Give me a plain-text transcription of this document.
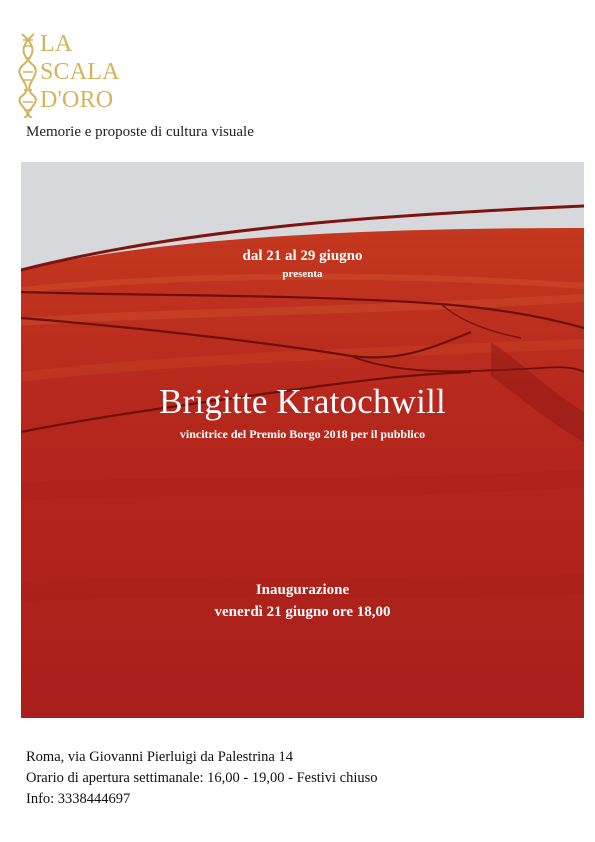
LA
SCALA
D'ORO
Memorie e proposte di cultura visuale
dal 21 al 29 giugno
presenta
Brigitte Kratochwill
vincitrice del Premio Borgo 2018 per il pubblico
Inaugurazione
venerdì 21 giugno ore 18,00
Roma, via Giovanni Pierluigi da Palestrina 14
Orario di apertura settimanale: 16,00 - 19,00 - Festivi chiuso
Info: 3338444697
